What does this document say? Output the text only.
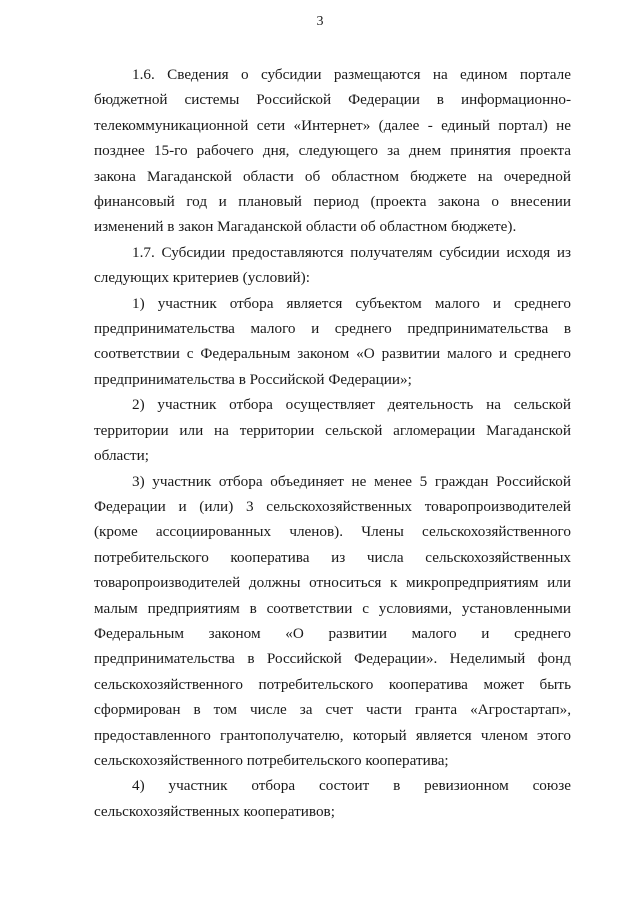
3

1.6. Сведения о субсидии размещаются на едином портале бюджетной системы Российской Федерации в информационно-телекоммуникационной сети «Интернет» (далее - единый портал) не позднее 15-го рабочего дня, следующего за днем принятия проекта закона Магаданской области об областном бюджете на очередной финансовый год и плановый период (проекта закона о внесении изменений в закон Магаданской области об областном бюджете).

1.7. Субсидии предоставляются получателям субсидии исходя из следующих критериев (условий):

1) участник отбора является субъектом малого и среднего предпринимательства малого и среднего предпринимательства в соответствии с Федеральным законом «О развитии малого и среднего предпринимательства в Российской Федерации»;

2) участник отбора осуществляет деятельность на сельской территории или на территории сельской агломерации Магаданской области;

3) участник отбора объединяет не менее 5 граждан Российской Федерации и (или) 3 сельскохозяйственных товаропроизводителей (кроме ассоциированных членов). Члены сельскохозяйственного потребительского кооператива из числа сельскохозяйственных товаропроизводителей должны относиться к микропредприятиям или малым предприятиям в соответствии с условиями, установленными Федеральным законом «О развитии малого и среднего предпринимательства в Российской Федерации». Неделимый фонд сельскохозяйственного потребительского кооператива может быть сформирован в том числе за счет части гранта «Агростартап», предоставленного грантополучателю, который является членом этого сельскохозяйственного потребительского кооператива;

4) участник отбора состоит в ревизионном союзе сельскохозяйственных кооперативов;
